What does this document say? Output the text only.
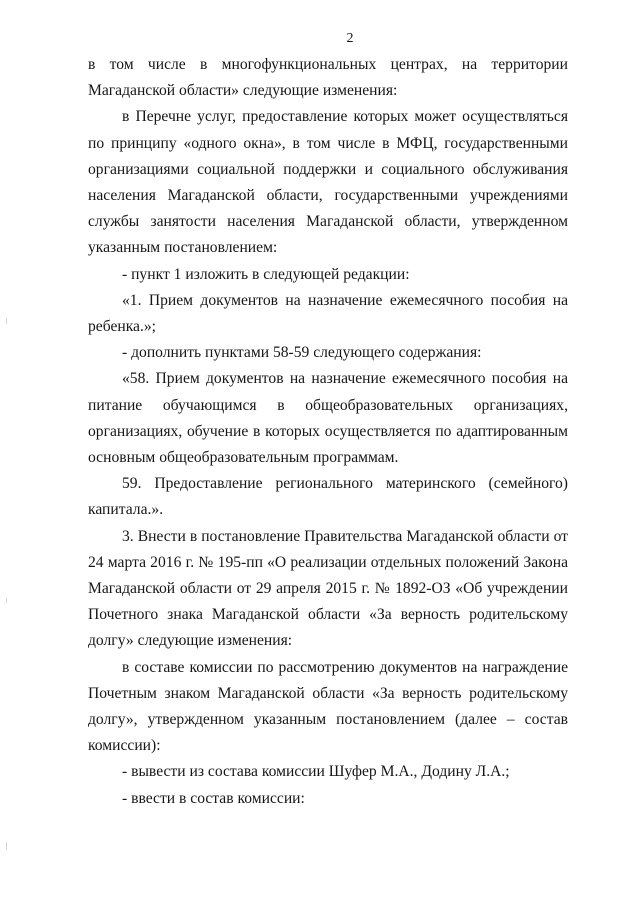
2

в том числе в многофункциональных центрах, на территории Магаданской области» следующие изменения:

в Перечне услуг, предоставление которых может осуществляться по принципу «одного окна», в том числе в МФЦ, государственными организациями социальной поддержки и социального обслуживания населения Магаданской области, государственными учреждениями службы занятости населения Магаданской области, утвержденном указанным постановлением:

- пункт 1 изложить в следующей редакции:

«1. Прием документов на назначение ежемесячного пособия на ребенка.»;

- дополнить пунктами 58-59 следующего содержания:

«58. Прием документов на назначение ежемесячного пособия на питание обучающимся в общеобразовательных организациях, организациях, обучение в которых осуществляется по адаптированным основным общеобразовательным программам.

59. Предоставление регионального материнского (семейного) капитала.».

3. Внести в постановление Правительства Магаданской области от 24 марта 2016 г. № 195-пп «О реализации отдельных положений Закона Магаданской области от 29 апреля 2015 г. № 1892-ОЗ «Об учреждении Почетного знака Магаданской области «За верность родительскому долгу» следующие изменения:

в составе комиссии по рассмотрению документов на награждение Почетным знаком Магаданской области «За верность родительскому долгу», утвержденном указанным постановлением (далее – состав комиссии):

- вывести из состава комиссии Шуфер М.А., Додину Л.А.;

- ввести в состав комиссии:
